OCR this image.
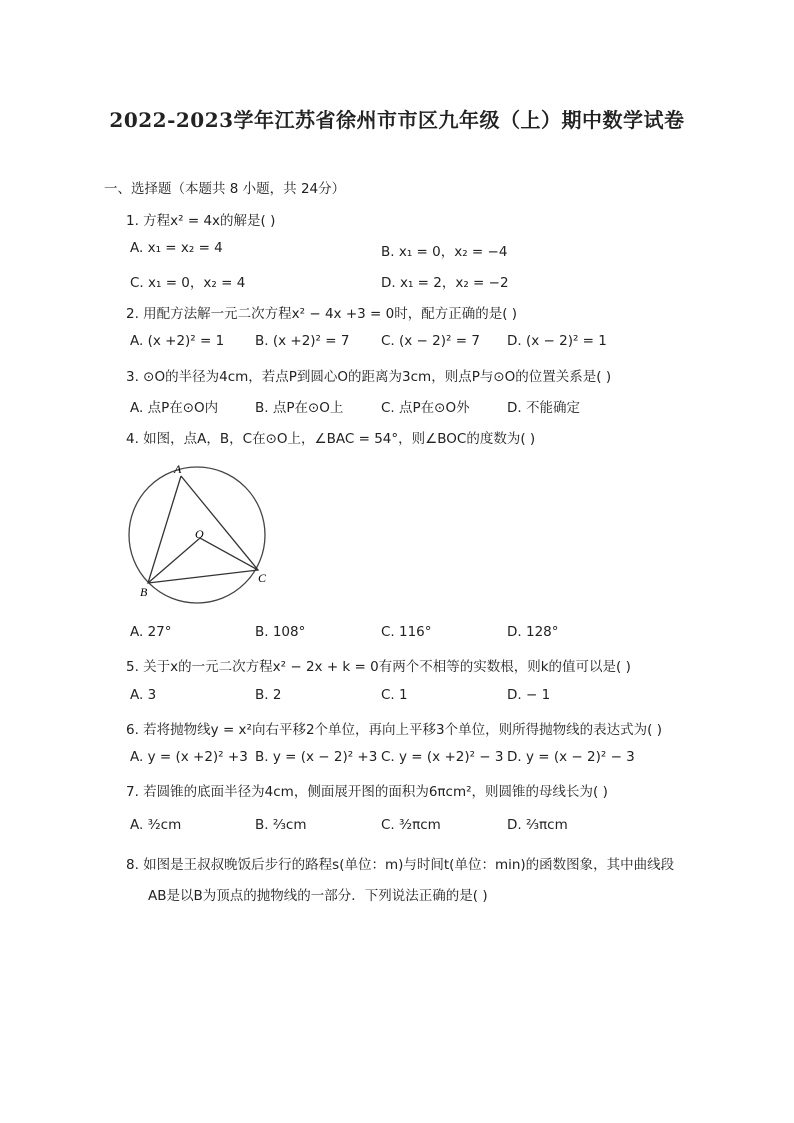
2022-2023学年江苏省徐州市市区九年级（上）期中数学试卷
一、选择题（本题共 8 小题，共 24分）
1. 方程x² = 4x的解是( )
A. x₁ = x₂ = 4	B. x₁ = 0，x₂ = −4
C. x₁ = 0，x₂ = 4	D. x₁ = 2，x₂ = −2
2. 用配方法解一元二次方程x² − 4x +3 = 0时，配方正确的是( )
A. (x +2)² = 1 B. (x +2)² = 7 C. (x − 2)² = 7 D. (x − 2)² = 1
3. ⊙O的半径为4cm，若点P到圆心O的距离为3cm，则点P与⊙O的位置关系是( )
A. 点P在⊙O内	B. 点P在⊙O上	C. 点P在⊙O外	D. 不能确定
4. 如图，点A，B，C在⊙O上，∠BAC = 54°，则∠BOC的度数为( )
A
B
C
O
A. 27°	B. 108°	C. 116°	D. 128°
5. 关于x的一元二次方程x² − 2x + k = 0有两个不相等的实数根，则k的值可以是( )
A. 3	B. 2	C. 1	D. − 1
6. 若将抛物线y = x²向右平移2个单位，再向上平移3个单位，则所得抛物线的表达式为( )
A. y = (x +2)² +3 B. y = (x − 2)² +3 C. y = (x +2)² − 3 D. y = (x − 2)² − 3
7. 若圆锥的底面半径为4cm，侧面展开图的面积为6πcm²，则圆锥的母线长为( )
A. ³⁄₂cm	B. ²⁄₃cm	C. ³⁄₂πcm	D. ²⁄₃πcm
8. 如图是王叔叔晚饭后步行的路程s(单位：m)与时间t(单位：min)的函数图象，其中曲线段
AB是以B为顶点的抛物线的一部分．下列说法正确的是( )
